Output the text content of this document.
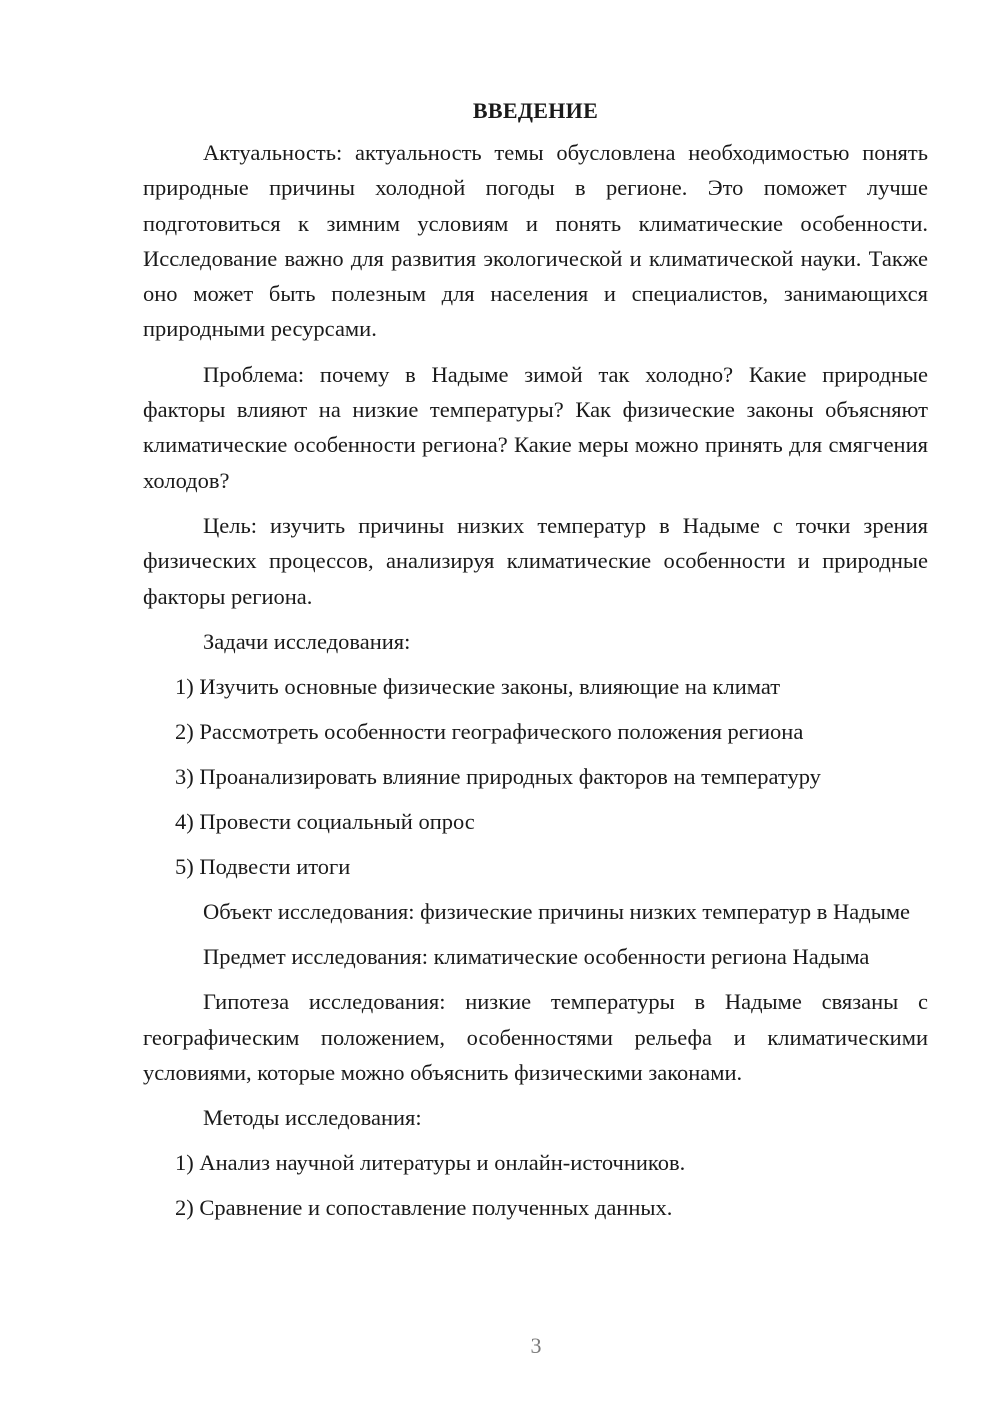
ВВЕДЕНИЕ

Актуальность: актуальность темы обусловлена необходимостью понять природные причины холодной погоды в регионе. Это поможет лучше подготовиться к зимним условиям и понять климатические особенности. Исследование важно для развития экологической и климатической науки. Также оно может быть полезным для населения и специалистов, занимающихся природными ресурсами.

Проблема: почему в Надыме зимой так холодно? Какие природные факторы влияют на низкие температуры? Как физические законы объясняют климатические особенности региона? Какие меры можно принять для смягчения холодов?

Цель: изучить причины низких температур в Надыме с точки зрения физических процессов, анализируя климатические особенности и природные факторы региона.

Задачи исследования:

1) Изучить основные физические законы, влияющие на климат
2) Рассмотреть особенности географического положения региона
3) Проанализировать влияние природных факторов на температуру
4) Провести социальный опрос
5) Подвести итоги

Объект исследования: физические причины низких температур в Надыме

Предмет исследования: климатические особенности региона Надыма

Гипотеза исследования: низкие температуры в Надыме связаны с географическим положением, особенностями рельефа и климатическими условиями, которые можно объяснить физическими законами.

Методы исследования:

1) Анализ научной литературы и онлайн-источников.
2) Сравнение и сопоставление полученных данных.
3
